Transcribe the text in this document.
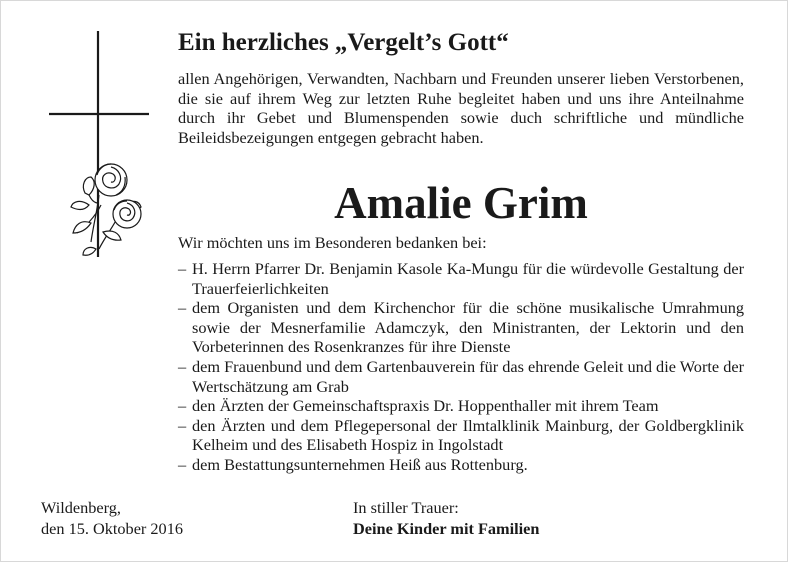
Ein herzliches „Vergelt’s Gott“
allen Angehörigen, Verwandten, Nachbarn und Freunden unserer lieben Verstorbenen, die sie auf ihrem Weg zur letzten Ruhe begleitet haben und uns ihre Anteilnahme durch ihr Gebet und Blumenspenden sowie duch schriftliche und mündliche Beileidsbezeigungen entgegen gebracht haben.
Amalie Grim
Wir möchten uns im Besonderen bedanken bei:
– H. Herrn Pfarrer Dr. Benjamin Kasole Ka-Mungu für die würdevolle Gestaltung der Trauerfeierlichkeiten
– dem Organisten und dem Kirchenchor für die schöne musikalische Umrahmung sowie der Mesnerfamilie Adamczyk, den Ministranten, der Lektorin und den Vorbeterinnen des Rosenkranzes für ihre Dienste
– dem Frauenbund und dem Gartenbauverein für das ehrende Geleit und die Worte der Wertschätzung am Grab
– den Ärzten der Gemeinschaftspraxis Dr. Hoppenthaller mit ihrem Team
– den Ärzten und dem Pflegepersonal der Ilmtalklinik Mainburg, der Goldbergklinik Kelheim und des Elisabeth Hospiz in Ingolstadt
– dem Bestattungsunternehmen Heiß aus Rottenburg.
Wildenberg,
den 15. Oktober 2016
In stiller Trauer:
Deine Kinder mit Familien
